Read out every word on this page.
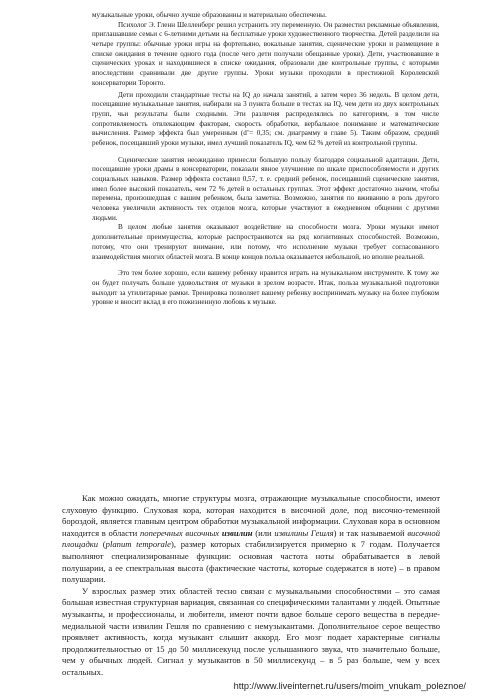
музыкальные уроки, обычно лучше образованны и материально обеспечены.

Психолог Э. Гленн Шелленберг решил устранить эту переменную. Он разместил рекламные объявления, приглашавшие семьи с 6-летними детьми на бесплатные уроки художественного творчества. Детей разделили на четыре группы: обычные уроки игры на фортепьяно, вокальные занятия, сценические уроки и размещение в списке ожидания в течение одного года (после чего дети получали обещанные уроки). Дети, участвовавшие в сценических уроках и находившиеся в списке ожидания, образовали две контрольные группы, с которыми впоследствии сравнивали две другие группы. Уроки музыки проходили в престижной Королевской консерватории Торонто.

Дети проходили стандартные тесты на IQ до начала занятий, а затем через 36 недель. В целом дети, посещавшие музыкальные занятия, набирали на 3 пункта больше в тестах на IQ, чем дети из двух контрольных групп, чьи результаты были сходными. Эти различия распределялись по категориям, в том числе сопротивляемость отвлекающим факторам, скорость обработки, вербальное понимание и математические вычисления. Размер эффекта был умеренным (d’= 0,35; см. диаграмму в главе 5). Таким образом, средний ребенок, посещавший уроки музыки, имел лучший показатель IQ, чем 62 % детей из контрольной группы.

Сценические занятия неожиданно принесли большую пользу благодаря социальной адаптации. Дети, посещавшие уроки драмы в консерватории, показали явное улучшение по шкале приспособляемости и других социальных навыков. Размер эффекта составил 0,57, т. е. средний ребенок, посещавший сценические занятия, имел более высокий показатель, чем 72 % детей в остальных группах. Этот эффект достаточно значим, чтобы перемена, произошедшая с вашим ребенком, была заметна. Возможно, занятия по вживанию в роль другого человека увеличили активность тех отделов мозга, которые участвуют в ежедневном общении с другими людьми.

В целом любые занятия оказывают воздействие на способности мозга. Уроки музыки имеют дополнительные преимущества, которые распространяются на ряд когнитивных способностей. Возможно, потому, что они тренируют внимание, или потому, что исполнение музыки требует согласованного взаимодействия многих областей мозга. В конце концов польза оказывается небольшой, но вполне реальной.

Это тем более хорошо, если вашему ребенку нравится играть на музыкальном инструменте. К тому же он будет получать больше удовольствия от музыки в зрелом возрасте. Итак, польза музыкальной подготовки выходит за утилитарные рамки. Тренировка позволяет вашему ребенку воспринимать музыку на более глубоком уровне и вносит вклад в его пожизненную любовь к музыке.

Как можно ожидать, многие структуры мозга, отражающие музыкальные способности, имеют слуховую функцию. Слуховая кора, которая находится в височной доле, под височно-теменной бороздой, является главным центром обработки музыкальной информации. Слуховая кора в основном находится в области поперечных височных извилин (или извилины Гешля) и так называемой височной площадки (planum temporale), размер которых стабилизируется примерно к 7 годам. Получается выполняют специализированные функции: основная частота ноты обрабатывается в левой полушарии, а ее спектральная высота (фактические частоты, которые содержатся в ноте) – в правом полушарии.

У взрослых размер этих областей тесно связан с музыкальными способностями – это самая большая известная структурная вариация, связанная со специфическими талантами у людей. Опытные музыканты, и профессионалы, и любители, имеют почти вдвое больше серого вещества в передне-медиальной части извилин Гешля по сравнению с немузыкантами. Дополнительное серое вещество проявляет активность, когда музыкант слышит аккорд. Его мозг подает характерные сигналы продолжительностью от 15 до 50 миллисекунд после услышанного звука, что значительно больше, чем у обычных людей. Сигнал у музыкантов в 50 миллисекунд – в 5 раз больше, чем у всех остальных.

http://www.liveinternet.ru/users/moim_vnukam_poleznoe/
